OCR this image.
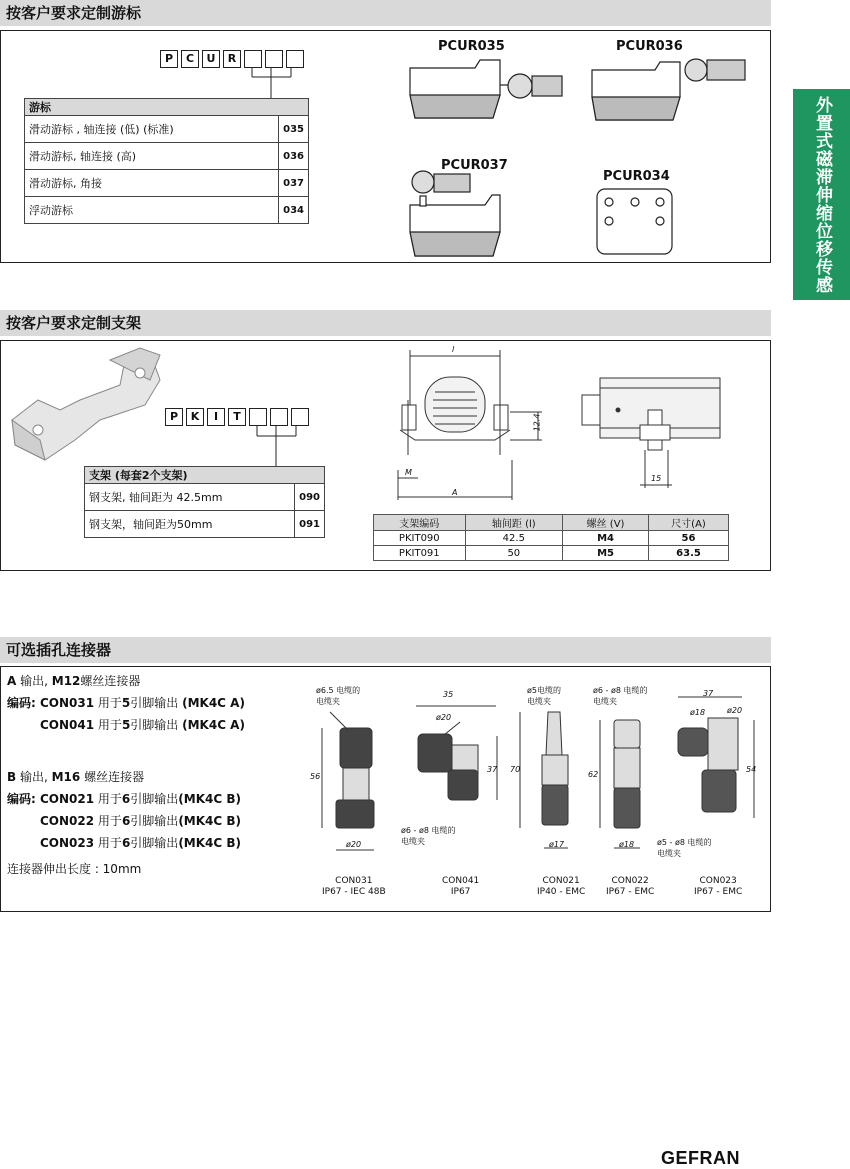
外置式磁滞伸缩位移传感
按客户要求定制游标
P	C	U	R
游标	
滑动游标 , 轴连接 (低) (标准)	035
滑动游标, 轴连接 (高)	036
滑动游标, 角接	037
浮动游标	034
PCUR035	PCUR036
PCUR037
PCUR034
按客户要求定制支架
P	K	I	T
支架 (每套2个支架)	
钢支架, 轴间距为 42.5mm	090
钢支架，轴间距为50mm	091
l
12.4
M
A
15
支架编码	轴间距 (l)	螺丝 (V)	尺寸(A)
PKIT090	42.5	M4	56
PKIT091	50	M5	63.5
可选插孔连接器
A 输出, M12螺丝连接器
编码: CON031 用于5引脚输出 (MK4C A)
CON041 用于5引脚输出 (MK4C A)
B 输出, M16 螺丝连接器
编码: CON021 用于6引脚输出(MK4C B)
CON022 用于6引脚输出(MK4C B)
CON023 用于6引脚输出(MK4C B)
连接器伸出长度 : 10mm
ø6.5 电缆的
电缆夹
ø6 - ø8 电缆的
电缆夹
ø5电缆的
电缆夹
ø6 - ø8 电缆的
电缆夹
ø5 - ø8 电缆的
电缆夹
56
ø20
35
ø20
37 70
ø17
62
ø18
37
ø18	ø20
54
CON031
IP67 - IEC 48B
CON041
IP67
CON021
IP40 - EMC
CON022
IP67 - EMC
CON023
IP67 - EMC
GEFRAN
